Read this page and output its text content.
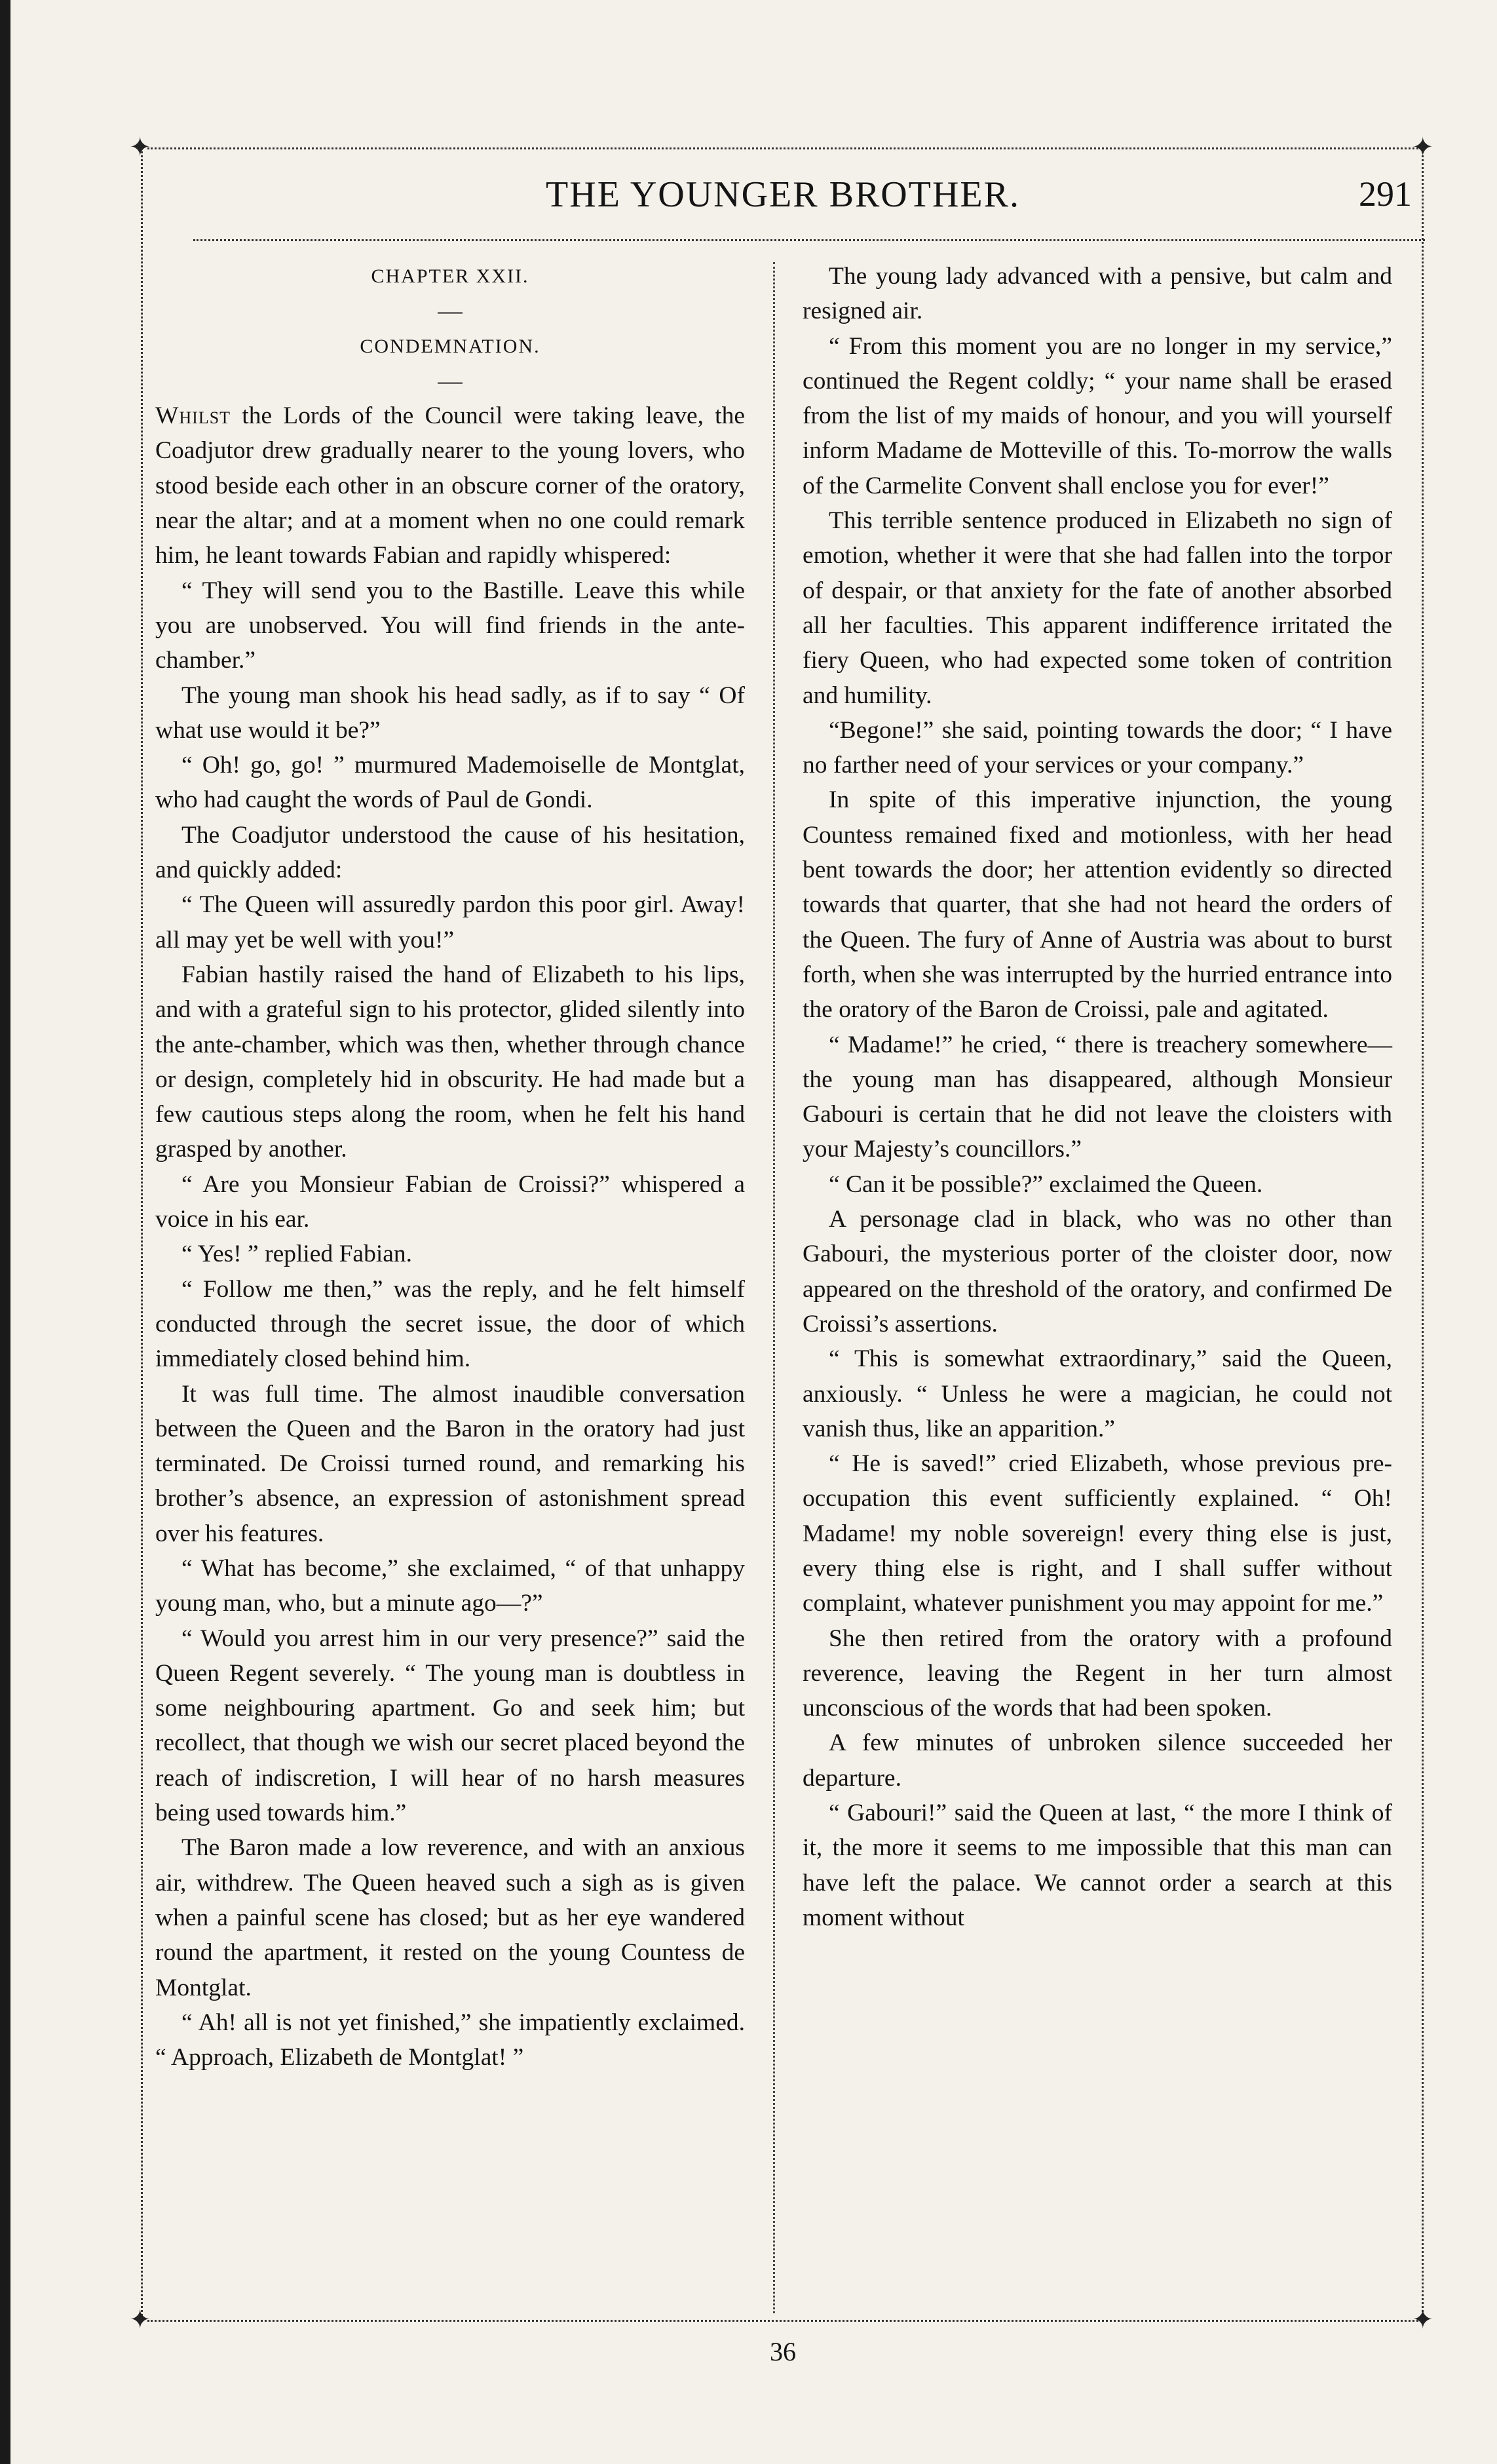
✦	✦
✦	✦
THE YOUNGER BROTHER.	291

CHAPTER XXII.

—

CONDEMNATION.

—

Whilst the Lords of the Council were taking leave, the Coadjutor drew gradually nearer to the young lovers, who stood beside each other in an obscure corner of the oratory, near the altar; and at a moment when no one could remark him, he leant towards Fabian and rapidly whispered:

“ They will send you to the Bastille. Leave this while you are unobserved. You will find friends in the ante-chamber.”

The young man shook his head sadly, as if to say “ Of what use would it be?”

“ Oh! go, go! ” murmured Mademoiselle de Montglat, who had caught the words of Paul de Gondi.

The Coadjutor understood the cause of his hesitation, and quickly added:

“ The Queen will assuredly pardon this poor girl. Away! all may yet be well with you!”

Fabian hastily raised the hand of Elizabeth to his lips, and with a grateful sign to his protector, glided silently into the ante-chamber, which was then, whether through chance or design, completely hid in obscurity. He had made but a few cautious steps along the room, when he felt his hand grasped by another.

“ Are you Monsieur Fabian de Croissi?” whispered a voice in his ear.

“ Yes! ” replied Fabian.

“ Follow me then,” was the reply, and he felt himself conducted through the secret issue, the door of which immediately closed behind him.

It was full time. The almost inaudible conversation between the Queen and the Baron in the oratory had just terminated. De Croissi turned round, and remarking his brother’s absence, an expression of astonishment spread over his features.

“ What has become,” she exclaimed, “ of that unhappy young man, who, but a minute ago—?”

“ Would you arrest him in our very presence?” said the Queen Regent severely. “ The young man is doubtless in some neighbouring apartment. Go and seek him; but recollect, that though we wish our secret placed beyond the reach of indiscretion, I will hear of no harsh measures being used towards him.”

The Baron made a low reverence, and with an anxious air, withdrew. The Queen heaved such a sigh as is given when a painful scene has closed; but as her eye wandered round the apartment, it rested on the young Countess de Montglat.

“ Ah! all is not yet finished,” she impatiently exclaimed. “ Approach, Elizabeth de Montglat! ”

The young lady advanced with a pensive, but calm and resigned air.

“ From this moment you are no longer in my service,” continued the Regent coldly; “ your name shall be erased from the list of my maids of honour, and you will yourself inform Madame de Motteville of this. To-morrow the walls of the Carmelite Convent shall enclose you for ever!”

This terrible sentence produced in Elizabeth no sign of emotion, whether it were that she had fallen into the torpor of despair, or that anxiety for the fate of another absorbed all her faculties. This apparent indifference irritated the fiery Queen, who had expected some token of contrition and humility.

“Begone!” she said, pointing towards the door; “ I have no farther need of your services or your company.”

In spite of this imperative injunction, the young Countess remained fixed and motionless, with her head bent towards the door; her attention evidently so directed towards that quarter, that she had not heard the orders of the Queen. The fury of Anne of Austria was about to burst forth, when she was interrupted by the hurried entrance into the oratory of the Baron de Croissi, pale and agitated.

“ Madame!” he cried, “ there is treachery somewhere—the young man has disappeared, although Monsieur Gabouri is certain that he did not leave the cloisters with your Majesty’s councillors.”

“ Can it be possible?” exclaimed the Queen.

A personage clad in black, who was no other than Gabouri, the mysterious porter of the cloister door, now appeared on the threshold of the oratory, and confirmed De Croissi’s assertions.

“ This is somewhat extraordinary,” said the Queen, anxiously. “ Unless he were a magician, he could not vanish thus, like an apparition.”

“ He is saved!” cried Elizabeth, whose previous pre-occupation this event sufficiently explained. “ Oh! Madame! my noble sovereign! every thing else is just, every thing else is right, and I shall suffer without complaint, whatever punishment you may appoint for me.”

She then retired from the oratory with a profound reverence, leaving the Regent in her turn almost unconscious of the words that had been spoken.

A few minutes of unbroken silence succeeded her departure.

“ Gabouri!” said the Queen at last, “ the more I think of it, the more it seems to me impossible that this man can have left the palace. We cannot order a search at this moment without

36
